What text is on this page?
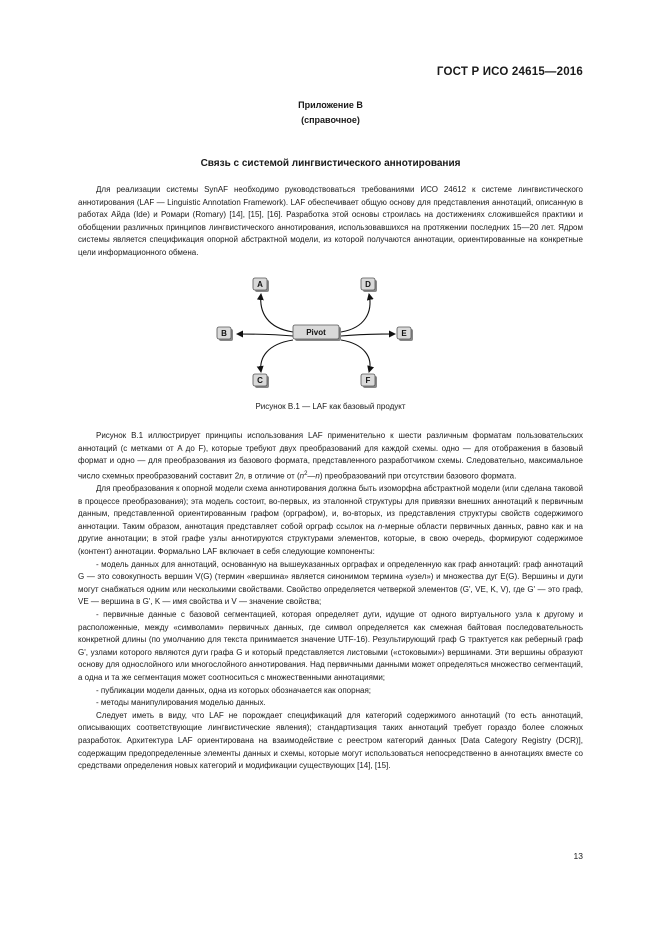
ГОСТ Р ИСО 24615—2016
Приложение В
(справочное)
Связь с системой лингвистического аннотирования

Для реализации системы SynAF необходимо руководствоваться требованиями ИСО 24612 к системе лингвистического аннотирования (LAF — Linguistic Annotation Framework). LAF обеспечивает общую основу для представления аннотаций, описанную в работах Айда (Ide) и Ромари (Romary) [14], [15], [16]. Разработка этой основы строилась на достижениях сложившейся практики и обобщении различных принципов лингвистического аннотирования, использовавшихся на протяжении последних 15—20 лет. Ядром системы является спецификация опорной абстрактной модели, из которой получаются аннотации, ориентированные на конкретные цели информационного обмена.

A
B
C
D
E
F
Pivot
Рисунок В.1 — LAF как базовый продукт

Рисунок В.1 иллюстрирует принципы использования LAF применительно к шести различным форматам пользовательских аннотаций (с метками от A до F), которые требуют двух преобразований для каждой схемы. одно — для отображения в базовый формат и одно — для преобразования из базового формата, представленного разработчиком схемы. Следовательно, максимальное число схемных преобразований составит 2n, в отличие от $(n^2—n)$ преобразований при отсутствии базового формата.

Для преобразования к опорной модели схема аннотирования должна быть изоморфна абстрактной модели (или сделана таковой в процессе преобразования); эта модель состоит, во-первых, из эталонной структуры для привязки внешних аннотаций к первичным данным, представленной ориентированным графом (орграфом), и, во-вторых, из представления структуры свойств содержимого аннотации. Таким образом, аннотация представляет собой орграф ссылок на n-мерные области первичных данных, равно как и на другие аннотации; в этой графе узлы аннотируются структурами элементов, которые, в свою очередь, формируют содержимое (контент) аннотации. Формально LAF включает в себя следующие компоненты:

- модель данных для аннотаций, основанную на вышеуказанных орграфах и определенную как граф аннотаций: граф аннотаций G — это совокупность вершин V(G) (термин «вершина» является синонимом термина «узел») и множества дуг E(G). Вершины и дуги могут снабжаться одним или несколькими свойствами. Свойство определяется четверкой элементов (G', VE, K, V), где G' — это граф, VE — вершина в G', K — имя свойства и V — значение свойства;

- первичные данные с базовой сегментацией, которая определяет дуги, идущие от одного виртуального узла к другому и расположенные, между «символами» первичных данных, где символ определяется как смежная байтовая последовательность конкретной длины (по умолчанию для текста принимается значение UTF-16). Результирующий граф G трактуется как реберный граф G', узлами которого являются дуги графа G и который представляется листовыми («стоковыми») вершинами. Эти вершины образуют основу для однослойного или многослойного аннотирования. Над первичными данными может определяться множество сегментаций, а одна и та же сегментация может соотноситься с множественными аннотациями;

- публикации модели данных, одна из которых обозначается как опорная;

- методы манипулирования моделью данных.

Следует иметь в виду, что LAF не порождает спецификаций для категорий содержимого аннотаций (то есть аннотаций, описывающих соответствующие лингвистические явления); стандартизация таких аннотаций требует гораздо более сложных разработок. Архитектура LAF ориентирована на взаимодействие с реестром категорий данных [Data Category Registry (DCR)], содержащим предопределенные элементы данных и схемы, которые могут использоваться непосредственно в аннотациях вместе со средствами определения новых категорий и модификации существующих [14], [15].

13
